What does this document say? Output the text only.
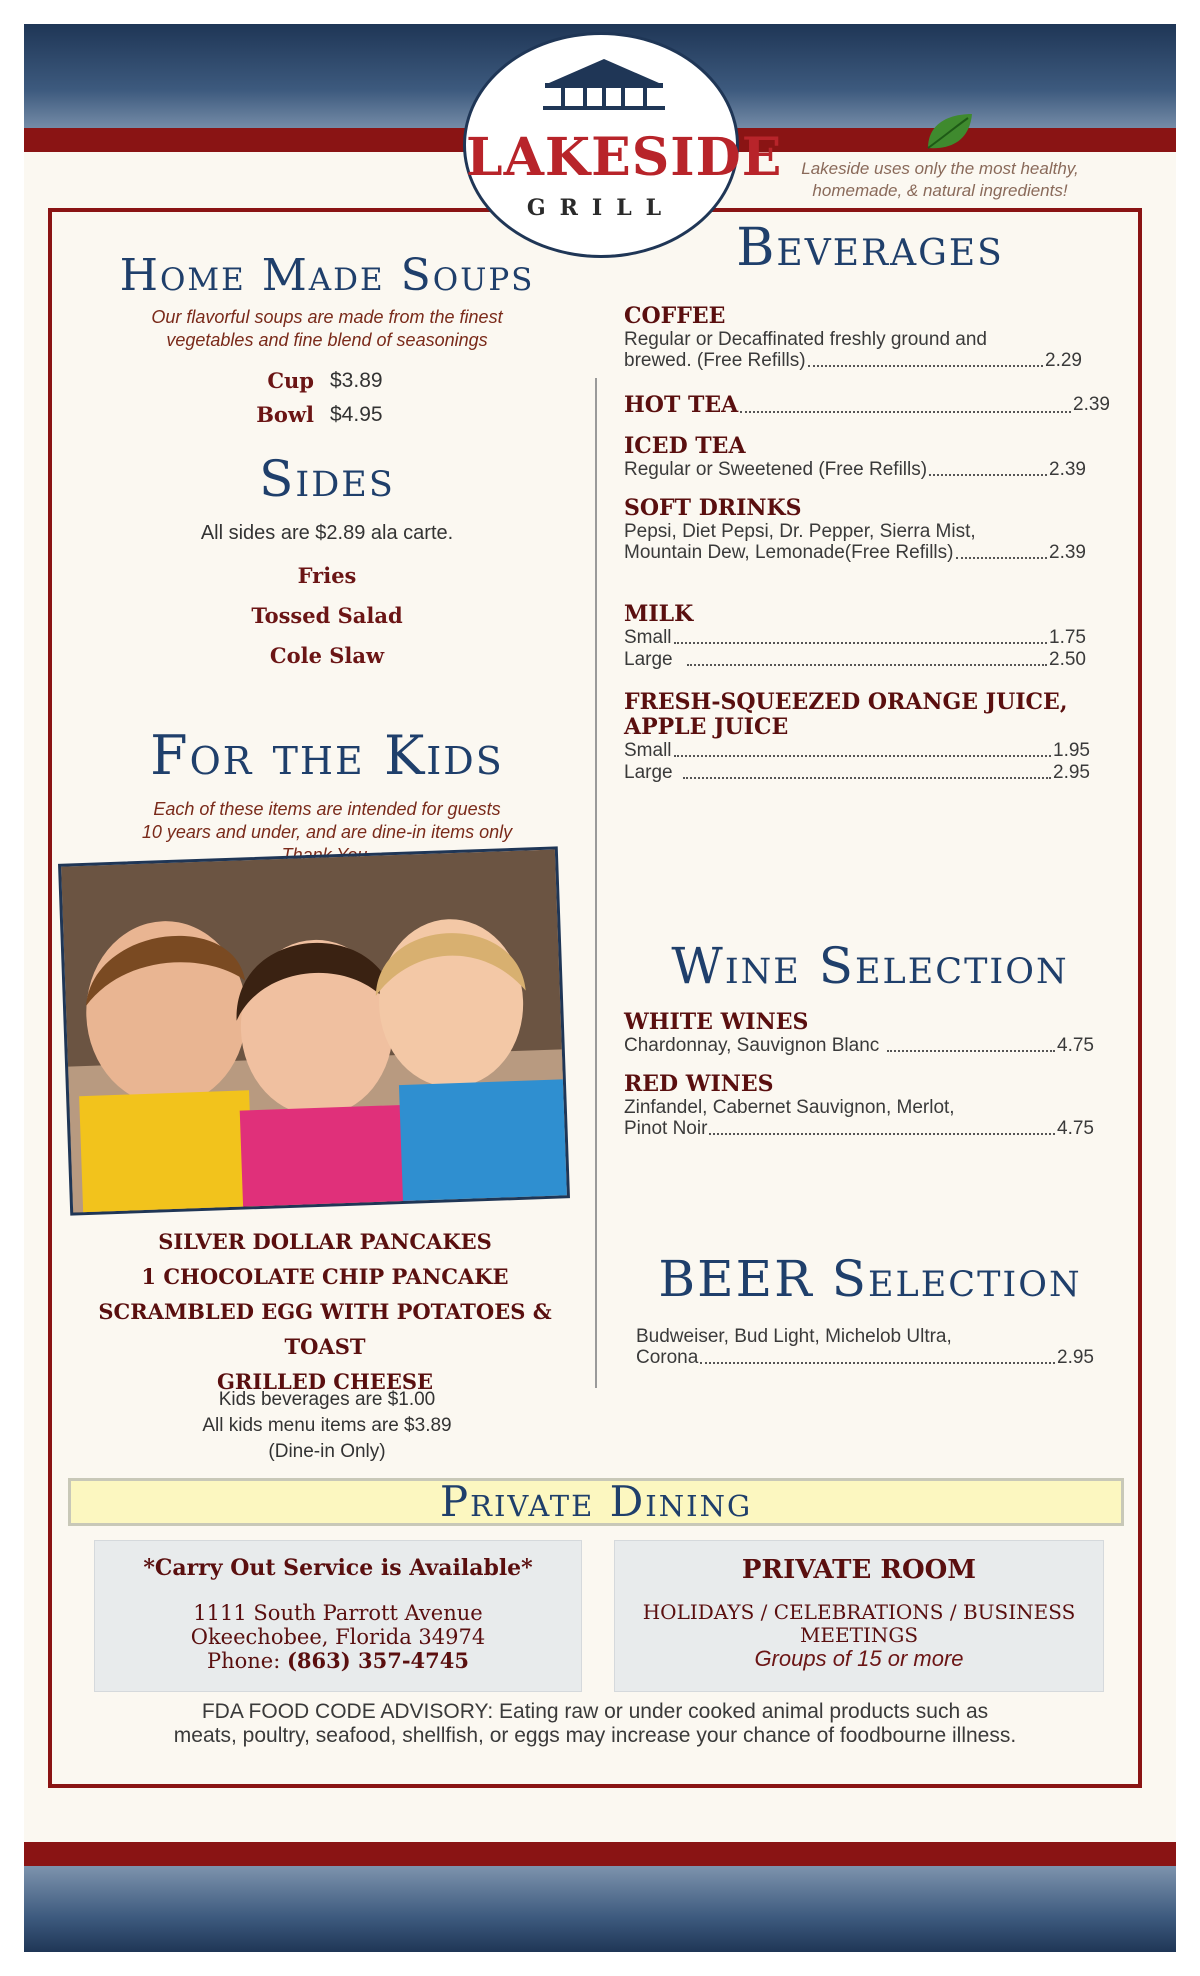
LAKESIDE
GRILL
Lakeside uses only the most healthy,
homemade, & natural ingredients!
Home Made Soups
Our flavorful soups are made from the finest
vegetables and fine blend of seasonings
Cup $3.89
Bowl $4.95
Sides
All sides are $2.89 ala carte.
Fries
Tossed Salad
Cole Slaw
For the Kids
Each of these items are intended for guests
10 years and under, and are dine-in items only
SILVER DOLLAR PANCAKES
1 CHOCOLATE CHIP PANCAKE
SCRAMBLED EGG WITH POTATOES & TOAST
GRILLED CHEESE
Kids beverages are $1.00
All kids menu items are $3.89
(Dine-in Only)
Beverages
COFFEE
Regular or Decaffinated freshly ground and
brewed. (Free Refills)	2.29
HOT TEA	2.39
ICED TEA
Regular or Sweetened (Free Refills)	2.39
SOFT DRINKS
Pepsi, Diet Pepsi, Dr. Pepper, Sierra Mist,
Mountain Dew, Lemonade(Free Refills)	2.39
MILK
Small	1.75
Large	2.50
FRESH-SQUEEZED ORANGE JUICE,
APPLE JUICE
Small	1.95
Large	2.95
Wine Selection
WHITE WINES
Chardonnay, Sauvignon Blanc	4.75
RED WINES
Zinfandel, Cabernet Sauvignon, Merlot,
Pinot Noir	4.75
BEER Selection
Budweiser, Bud Light, Michelob Ultra,
Corona	2.95
Private Dining
*Carry Out Service is Available*
1111 South Parrott Avenue
Okeechobee, Florida 34974
Phone: (863) 357-4745
PRIVATE ROOM
HOLIDAYS / CELEBRATIONS / BUSINESS
MEETINGS
Groups of 15 or more
FDA FOOD CODE ADVISORY: Eating raw or under cooked animal products such as
meats, poultry, seafood, shellfish, or eggs may increase your chance of foodbourne illness.
